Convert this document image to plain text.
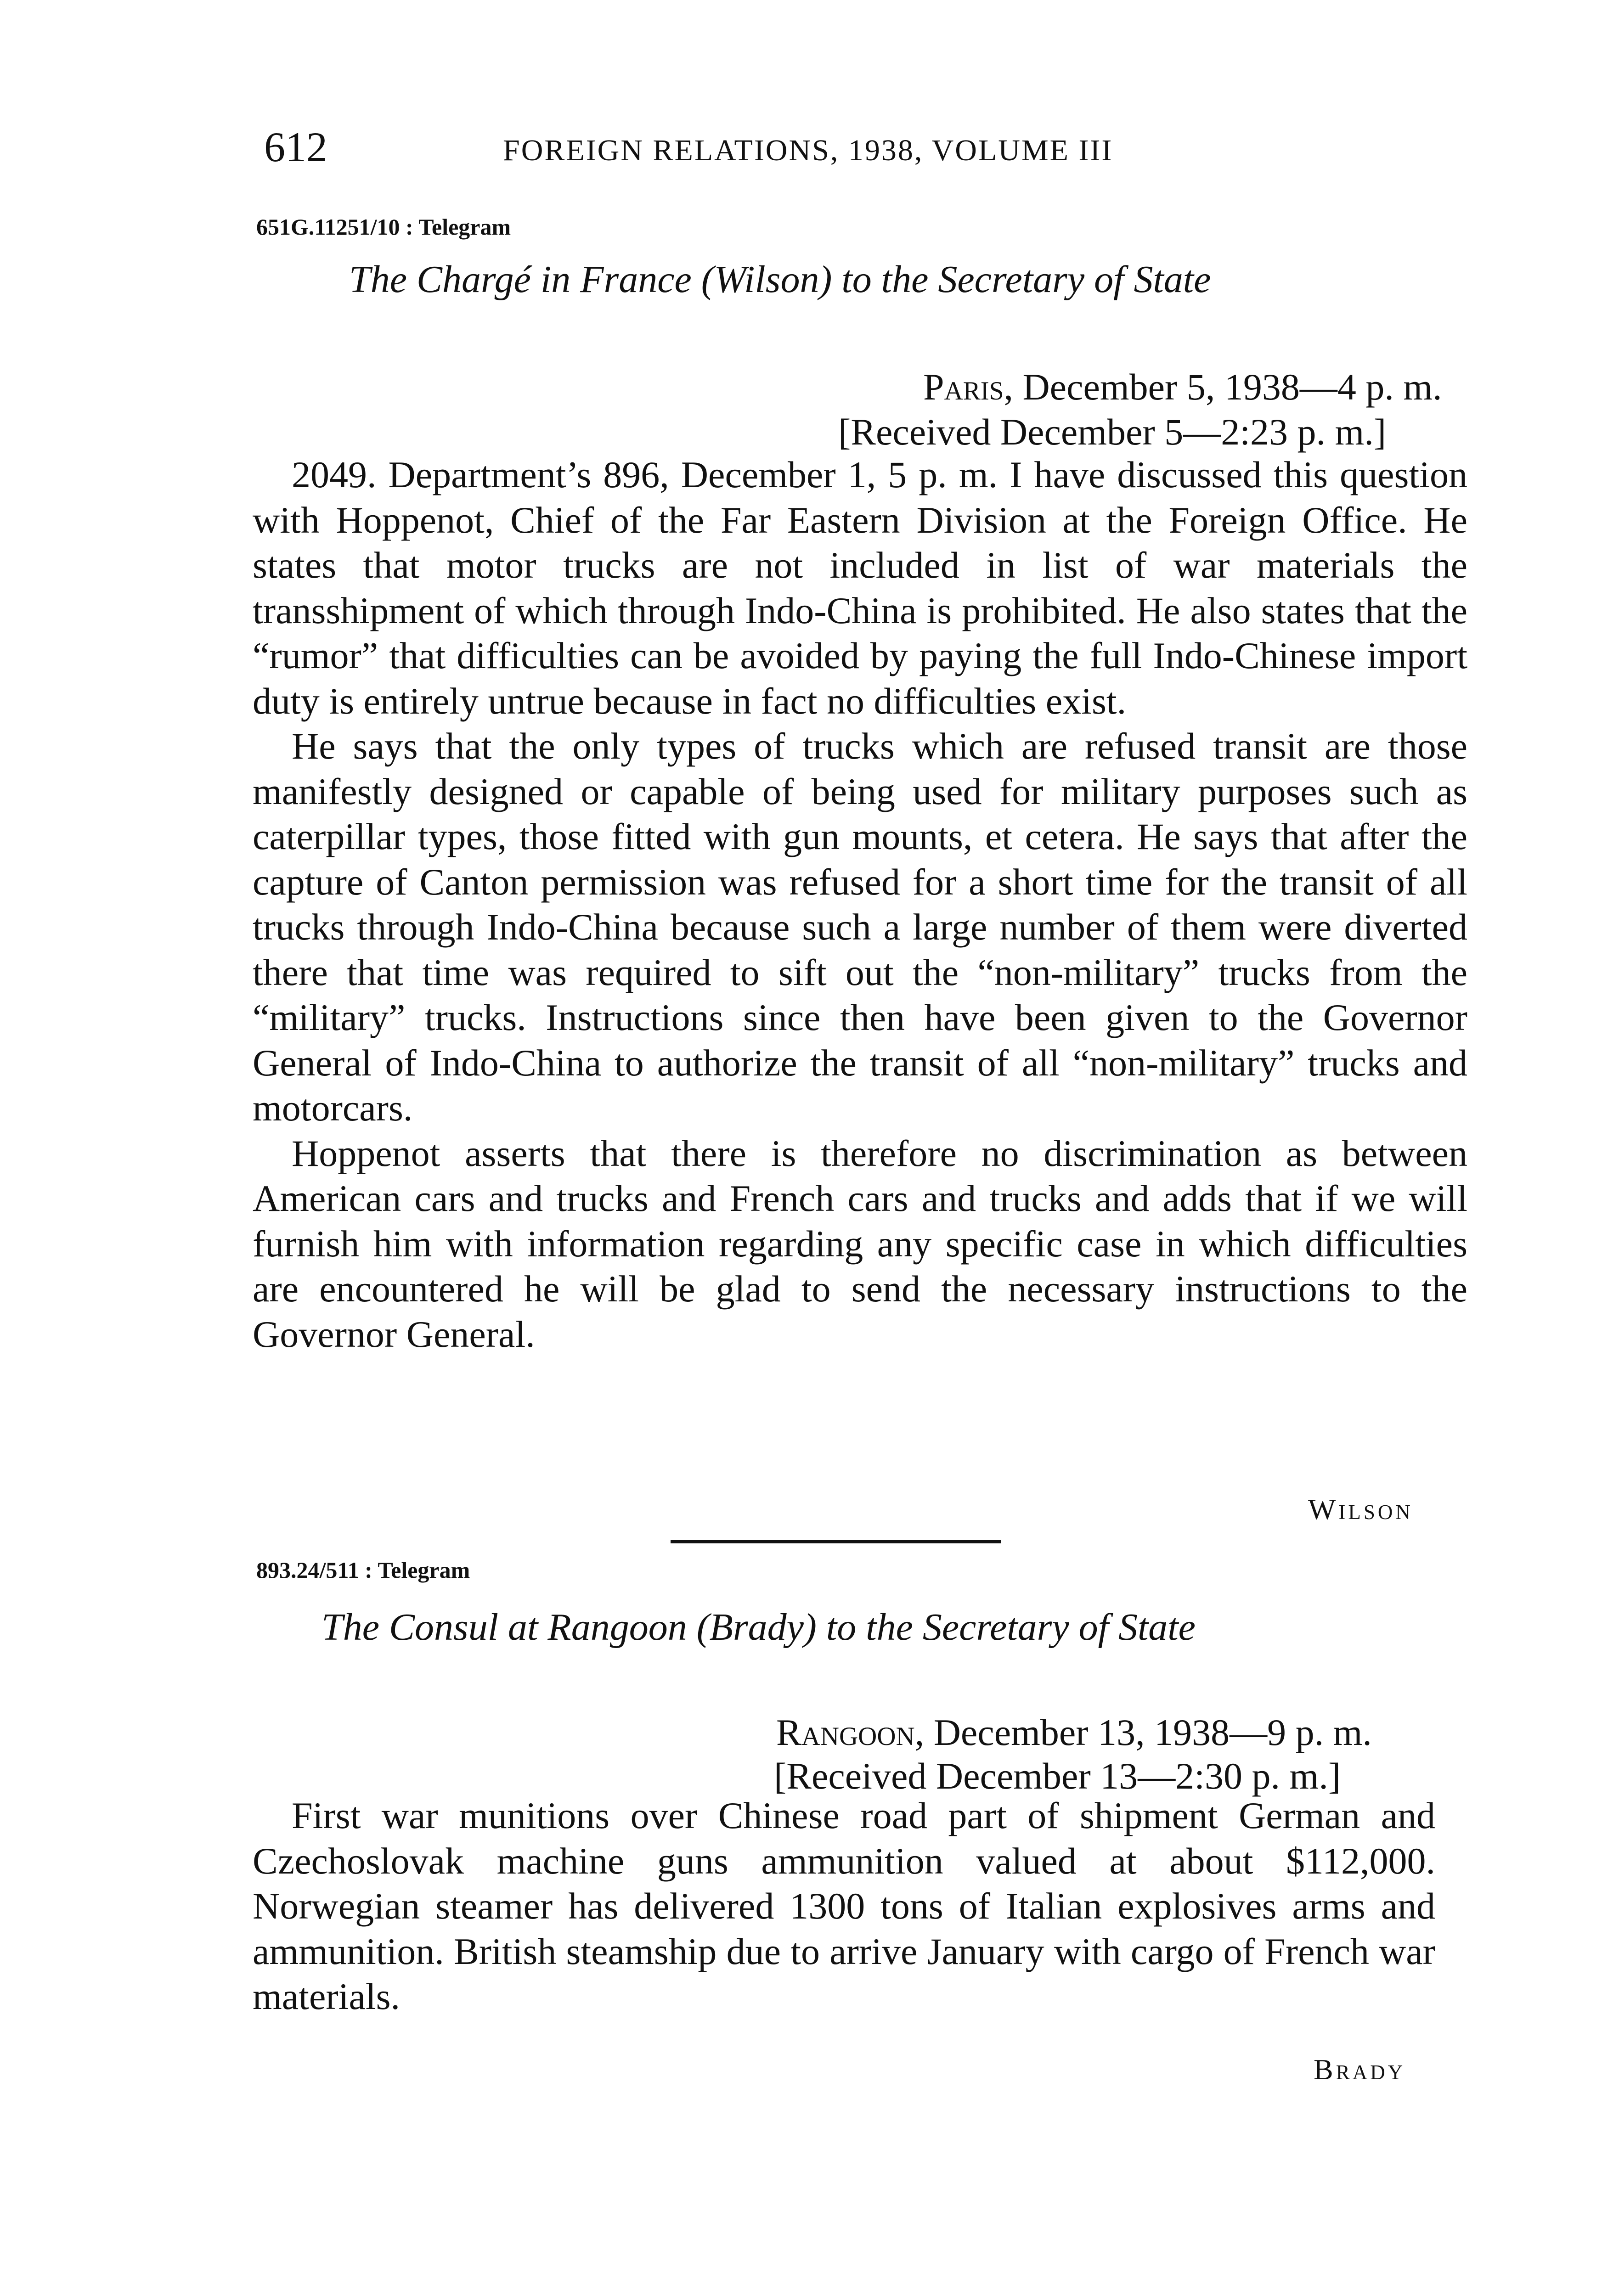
612	FOREIGN RELATIONS, 1938, VOLUME III
651G.11251/10 : Telegram
The Chargé in France (Wilson) to the Secretary of State
Paris, December 5, 1938—4 p. m.
[Received December 5—2:23 p. m.]

2049. Department’s 896, December 1, 5 p. m. I have discussed this question with Hoppenot, Chief of the Far Eastern Division at the Foreign Office. He states that motor trucks are not included in list of war materials the transshipment of which through Indo-China is prohibited. He also states that the “rumor” that difficulties can be avoided by paying the full Indo-Chinese import duty is entirely untrue because in fact no difficulties exist.

He says that the only types of trucks which are refused transit are those manifestly designed or capable of being used for military purposes such as caterpillar types, those fitted with gun mounts, et cetera. He says that after the capture of Canton permission was refused for a short time for the transit of all trucks through Indo-China because such a large number of them were diverted there that time was required to sift out the “non-military” trucks from the “military” trucks. Instructions since then have been given to the Governor General of Indo-China to authorize the transit of all “non-military” trucks and motorcars.

Hoppenot asserts that there is therefore no discrimination as between American cars and trucks and French cars and trucks and adds that if we will furnish him with information regarding any specific case in which difficulties are encountered he will be glad to send the necessary instructions to the Governor General.

Wilson
893.24/511 : Telegram
The Consul at Rangoon (Brady) to the Secretary of State
Rangoon, December 13, 1938—9 p. m.
[Received December 13—2:30 p. m.]

First war munitions over Chinese road part of shipment German and Czechoslovak machine guns ammunition valued at about $112,000. Norwegian steamer has delivered 1300 tons of Italian explosives arms and ammunition. British steamship due to arrive January with cargo of French war materials.

Brady
